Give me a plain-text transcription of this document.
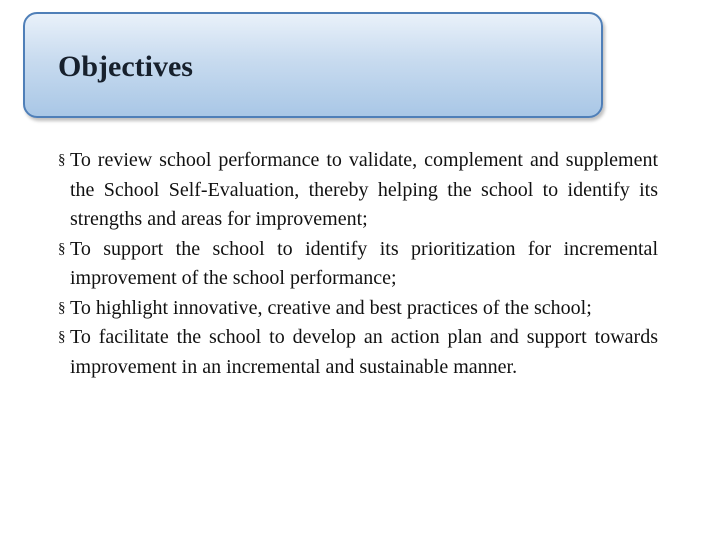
Objectives
§ To review school performance to validate, complement and supplement the School Self-Evaluation, thereby helping the school to identify its strengths and areas for improvement;
§ To support the school to identify its prioritization for incremental improvement of the school performance;
§ To highlight innovative, creative and best practices of the school;
§ To facilitate the school to develop an action plan and support towards improvement in an incremental and sustainable manner.
